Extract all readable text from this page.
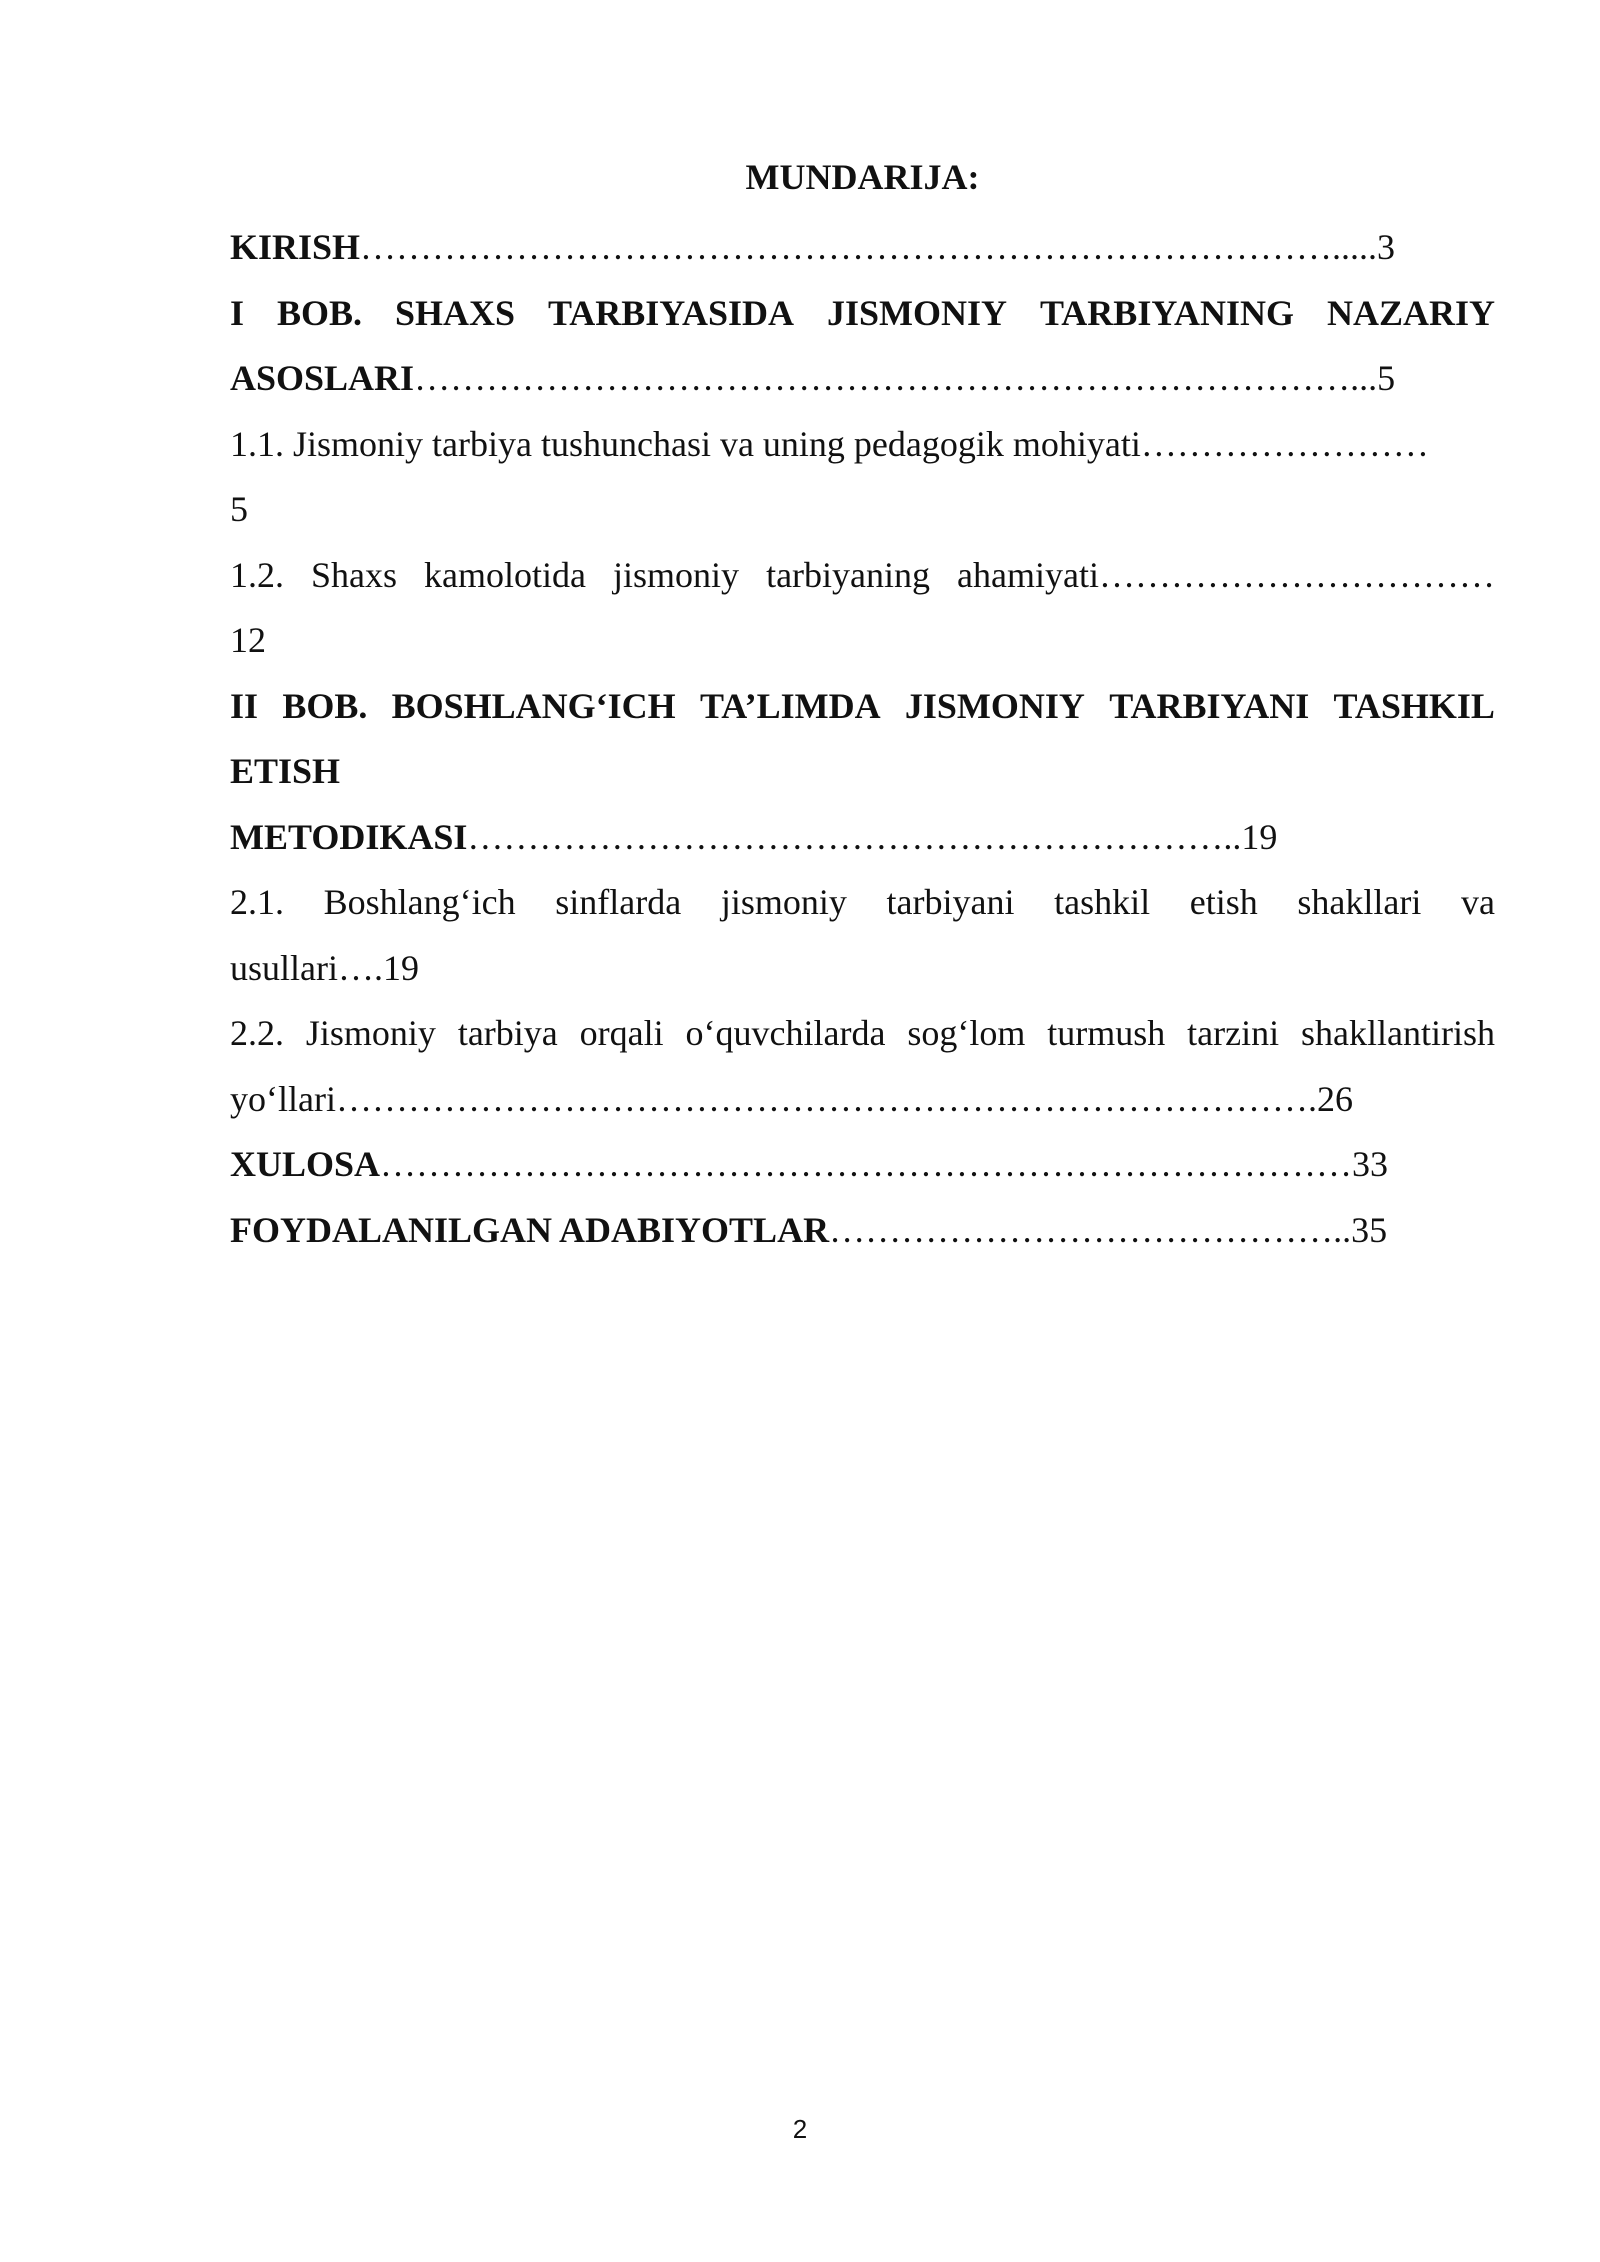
MUNDARIJA:
KIRISH……………………………………………………………………….....3
I BOB. SHAXS TARBIYASIDA JISMONIY TARBIYANING NAZARIY
ASOSLARI……………………………………………………………………...5
1.1. Jismoniy tarbiya tushunchasi va uning pedagogik mohiyati……………………
5
1.2. Shaxs kamolotida jismoniy tarbiyaning ahamiyati……………………………
12
II BOB. BOSHLANG‘ICH TA’LIMDA JISMONIY TARBIYANI TASHKIL
ETISH
METODIKASI………………………………………………………..19
2.1. Boshlang‘ich sinflarda jismoniy tarbiyani tashkil etish shakllari va
usullari….19
2.2. Jismoniy tarbiya orqali o‘quvchilarda sog‘lom turmush tarzini shakllantirish
yo‘llari……………………………………………………………………….26
XULOSA………………………………………………………………………33
FOYDALANILGAN ADABIYOTLAR……………………………………..35
2
